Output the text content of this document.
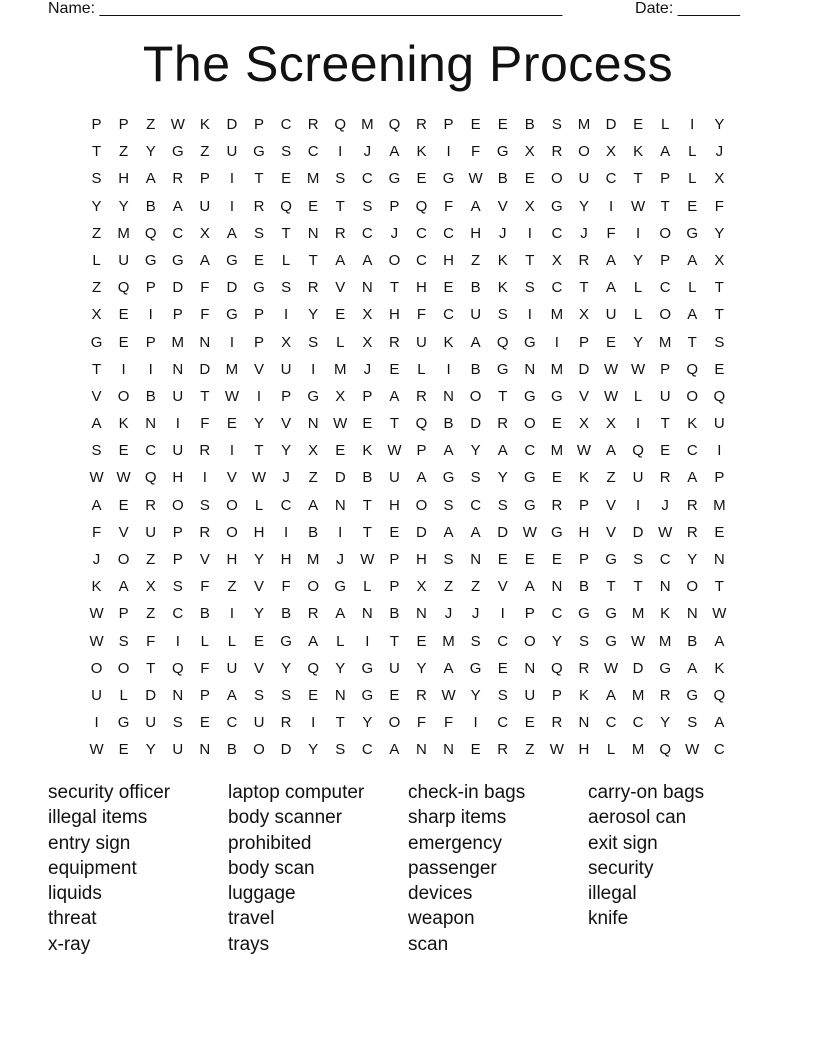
Name: ____________________________________________________	Date: _______
The Screening Process
P	P	Z	W K	D	P	C	R	Q M	Q	R	P	E	E	B	S	M	D	E	L	I	Y
T	Z	Y	G	Z	U	G	S	C	I	J	A	K	I	F	G	X	R	O	X	K	A	L	J
S	H	A	R	P	I	T	E	M	S	C	G	E	G W B	E	O	U	C	T	P	L	X
Y	Y	B	A	U	I	R	Q	E	T	S	P	Q	F	A	V	X	G	Y	I	W	T	E	F
Z	M	Q	C	X	A	S	T	N	R	C	J	C	C	H	J	I	C	J	F	I	O	G	Y
L	U	G	G	A	G	E	L	T	A	A	O	C	H	Z	K	T	X	R	A	Y	P	A	X
Z	Q	P	D	F	D	G	S	R	V	N	T	H	E	B	K	S	C	T	A	L	C	L	T
X	E	I	P	F	G	P	I	Y	E	X	H	F	C	U	S	I	M	X	U	L	O	A	T
G	E	P	M	N	I	P	X	S	L	X	R	U	K	A	Q	G	I	P	E	Y	M	T	S
T	I	I	N	D	M	V	U	I	M	J	E	L	I	B	G	N	M	D W W P	Q	E
V	O	B	U	T	W	I	P	G	X	P	A	R	N	O	T	G	G	V W	L	U	O	Q
A	K	N	I	F	E	Y	V	N W E	T	Q	B	D	R	O	E	X	X	I	T	K	U
S	E	C	U	R	I	T	Y	X	E	K W P	A	Y	A	C	M W A	Q	E	C	I
W W Q	H	I	V W	J	Z	D	B	U	A	G	S	Y	G	E	K	Z	U	R	A	P
A	E	R	O	S	O	L	C	A	N	T	H	O	S	C	S	G	R	P	V	I	J	R	M
F	V	U	P	R	O	H	I	B	I	T	E	D	A	A	D W G	H	V	D W R	E
J	O	Z	P	V	H	Y	H	M	J	W P	H	S	N	E	E	E	P	G	S	C	Y	N
K	A	X	S	F	Z	V	F	O	G	L	P	X	Z	Z	V	A	N	B	T	T	N	O	T
W P	Z	C	B	I	Y	B	R	A	N	B	N	J	J	I	P	C	G	G M	K	N W
W S	F	I	L	L	E	G	A	L	I	T	E	M	S	C	O	Y	S	G W M	B	A
O	O	T	Q	F	U	V	Y	Q	Y	G	U	Y	A	G	E	N	Q	R W D	G	A	K
U	L	D	N	P	A	S	S	E	N	G	E	R W Y	S	U	P	K	A	M	R	G	Q
I	G	U	S	E	C	U	R	I	T	Y	O	F	F	I	C	E	R	N	C	C	Y	S	A
W E	Y	U	N	B	O	D	Y	S	C	A	N	N	E	R	Z	W H	L	M	Q W C
security officer
illegal items
entry sign
equipment
liquids
threat
x-ray
laptop computer
body scanner
prohibited
body scan
luggage
travel
trays
check-in bags
sharp items
emergency
passenger
devices
weapon
scan
carry-on bags
aerosol can
exit sign
security
illegal
knife
